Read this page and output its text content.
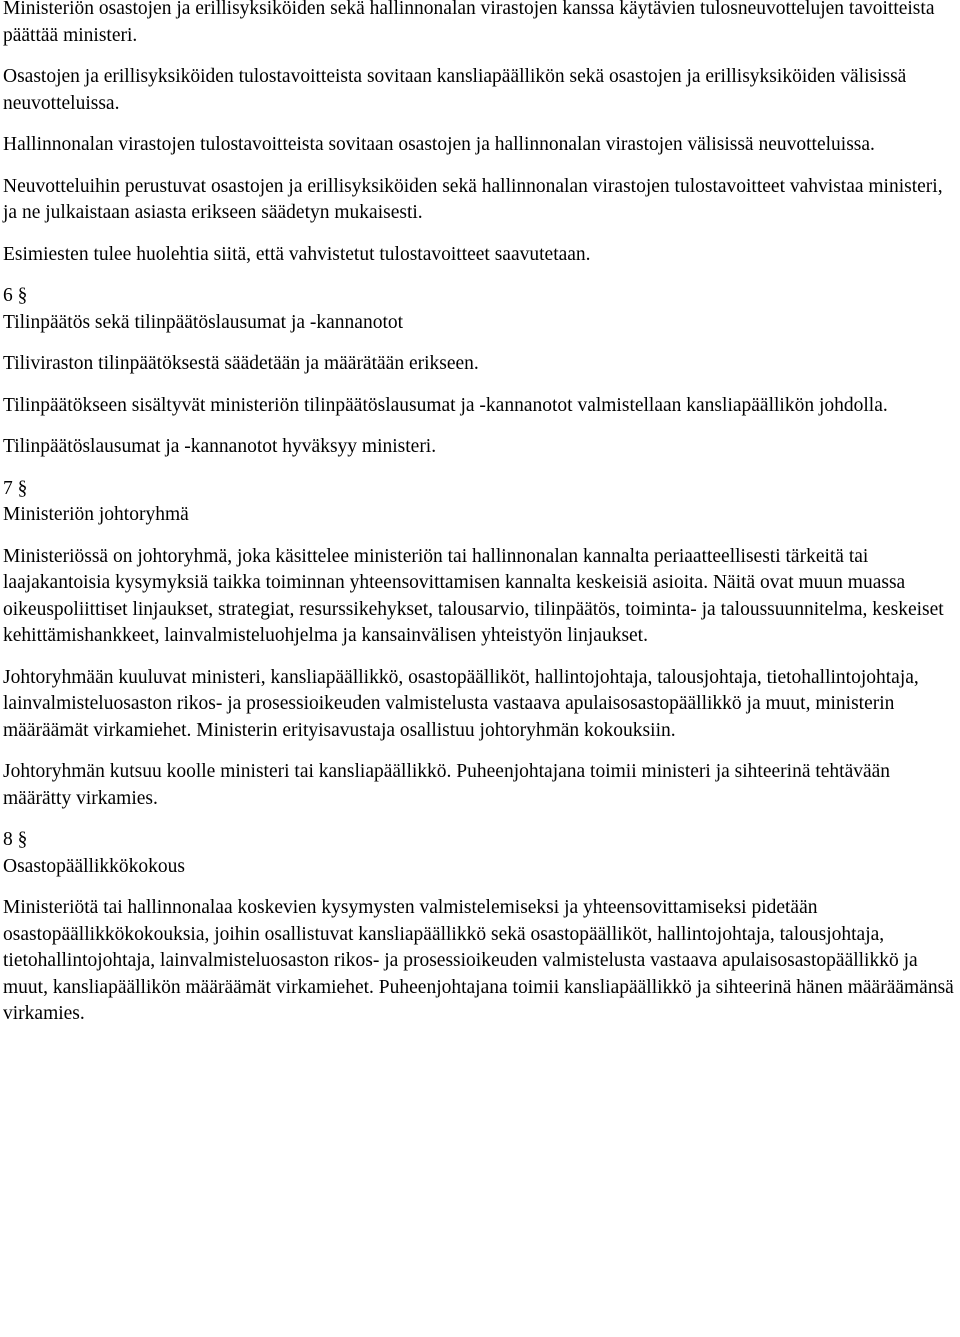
Ministeriön osastojen ja erillisyksiköiden sekä hallinnonalan virastojen kanssa käytävien tulosneuvottelujen tavoitteista päättää ministeri.

Osastojen ja erillisyksiköiden tulostavoitteista sovitaan kansliapäällikön sekä osastojen ja erillisyksiköiden välisissä neuvotteluissa.

Hallinnonalan virastojen tulostavoitteista sovitaan osastojen ja hallinnonalan virastojen välisissä neuvotteluissa.

Neuvotteluihin perustuvat osastojen ja erillisyksiköiden sekä hallinnonalan virastojen tulostavoitteet vahvistaa ministeri, ja ne julkaistaan asiasta erikseen säädetyn mukaisesti.

Esimiesten tulee huolehtia siitä, että vahvistetut tulostavoitteet saavutetaan.

6 §

Tilinpäätös sekä tilinpäätöslausumat ja -kannanotot

Tiliviraston tilinpäätöksestä säädetään ja määrätään erikseen.

Tilinpäätökseen sisältyvät ministeriön tilinpäätöslausumat ja -kannanotot valmistellaan kansliapäällikön johdolla.

Tilinpäätöslausumat ja -kannanotot hyväksyy ministeri.

7 §

Ministeriön johtoryhmä

Ministeriössä on johtoryhmä, joka käsittelee ministeriön tai hallinnonalan kannalta periaatteellisesti tärkeitä tai laajakantoisia kysymyksiä taikka toiminnan yhteensovittamisen kannalta keskeisiä asioita. Näitä ovat muun muassa oikeuspoliittiset linjaukset, strategiat, resurssikehykset, talousarvio, tilinpäätös, toiminta- ja taloussuunnitelma, keskeiset kehittämishankkeet, lainvalmisteluohjelma ja kansainvälisen yhteistyön linjaukset.

Johtoryhmään kuuluvat ministeri, kansliapäällikkö, osastopäälliköt, hallintojohtaja, talousjohtaja, tietohallintojohtaja, lainvalmisteluosaston rikos- ja prosessioikeuden valmistelusta vastaava apulaisosastopäällikkö ja muut, ministerin määräämät virkamiehet. Ministerin erityisavustaja osallistuu johtoryhmän kokouksiin.

Johtoryhmän kutsuu koolle ministeri tai kansliapäällikkö. Puheenjohtajana toimii ministeri ja sihteerinä tehtävään määrätty virkamies.

8 §

Osastopäällikkökokous

Ministeriötä tai hallinnonalaa koskevien kysymysten valmistelemiseksi ja yhteensovittamiseksi pidetään osastopäällikkökokouksia, joihin osallistuvat kansliapäällikkö sekä osastopäälliköt, hallintojohtaja, talousjohtaja, tietohallintojohtaja, lainvalmisteluosaston rikos- ja prosessioikeuden valmistelusta vastaava apulaisosastopäällikkö ja muut, kansliapäällikön määräämät virkamiehet. Puheenjohtajana toimii kansliapäällikkö ja sihteerinä hänen määräämänsä virkamies.
